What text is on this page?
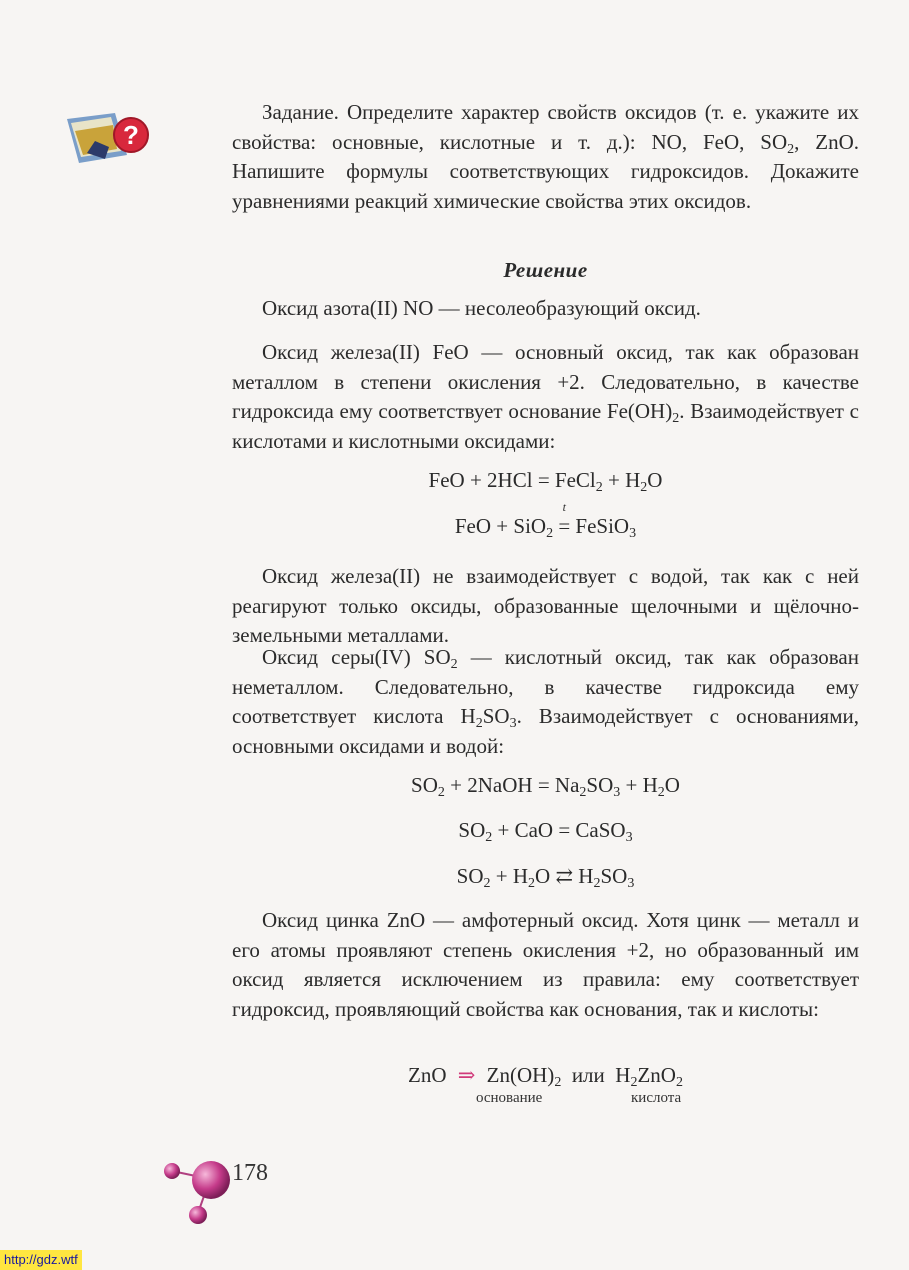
?
Задание. Определите характер свойств оксидов (т. е. укажите их свойства: основные, кислотные и т. д.): NO, FeO, $SO_2$, ZnO. Напишите формулы соответствующих гидроксидов. Докажите уравнениями реакций химические свойства этих оксидов.
Решение
Оксид азота(II) NO — несолеобразующий оксид.
Оксид железа(II) FeO — основный оксид, так как образован металлом в степени окисления +2. Следовательно, в качестве гидроксида ему соответствует основание $Fe(OH)_2$. Взаимодействует с кислотами и кислотными оксидами:
FeO + 2HCl = FeCl$_2$ + $H_2O$
FeO + SiO$_2$ =
t
FeSiO$_3$
Оксид железа(II) не взаимодействует с водой, так как с ней реагируют только оксиды, образованные щелочными и щёлочно-земельными металлами.
Оксид серы(IV) $SO_2$ — кислотный оксид, так как образован неметаллом. Следовательно, в качестве гидроксида ему соответствует кислота $H_2SO_3$. Взаимодействует с основаниями, основными оксидами и водой:
$SO_2$ + 2NaOH = $Na_2SO_3 + H_2O$
$SO_2$ + CaO = CaSO$_3$
$SO_2 + H_2O$ ⇄ $H_2SO_3$
Оксид цинка ZnO — амфотерный оксид. Хотя цинк — металл и его атомы проявляют степень окисления +2, но образованный им оксид является исключением из правила: ему соответствует гидроксид, проявляющий свойства как основания, так и кислоты:
ZnO ⇒ $Zn(OH)_2$  или  $H_2ZnO_2$
основание	кислота
178
http://gdz.wtf
